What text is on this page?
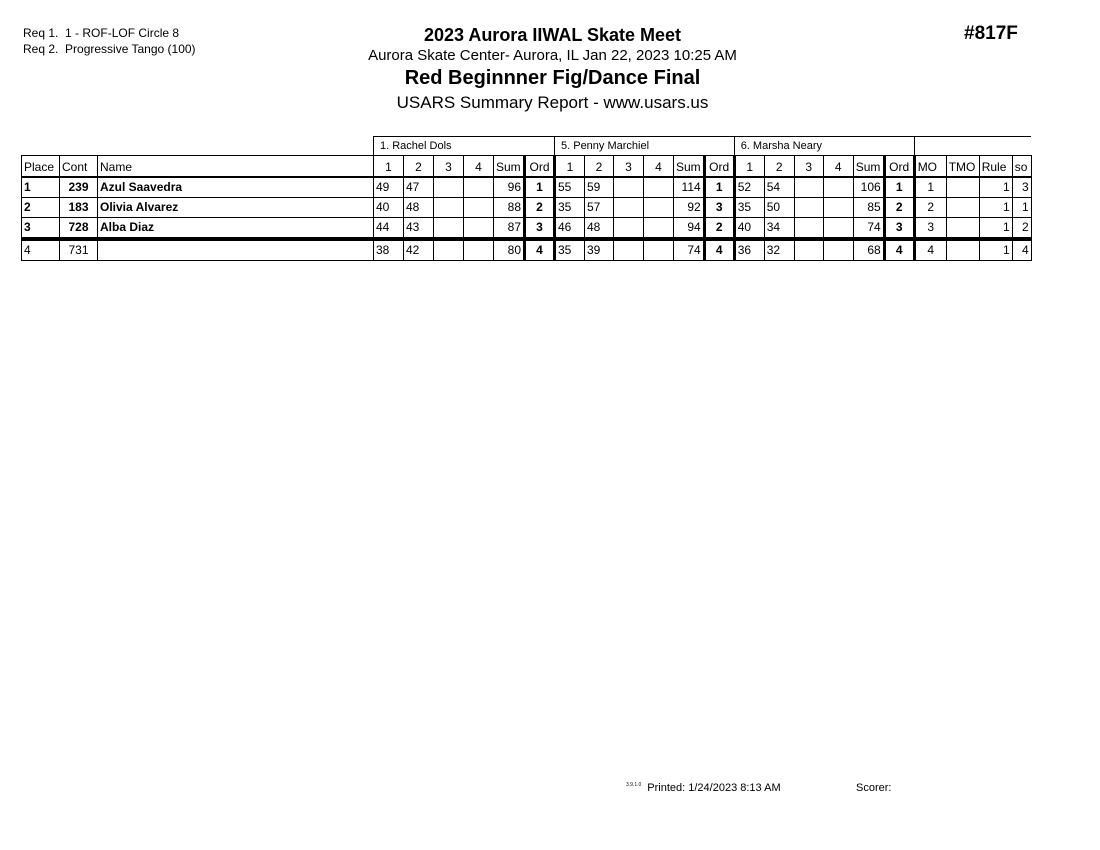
Req 1. 1 - ROF-LOF Circle 8
Req 2. Progressive Tango (100)
2023 Aurora IIWAL Skate Meet
Aurora Skate Center- Aurora, IL Jan 22, 2023 10:25 AM
Red Beginnner Fig/Dance Final
USARS Summary Report - www.usars.us
#817F
			1. Rachel Dols						5. Penny Marchiel						6. Marsha Neary									
Place	Cont	Name	1	2	3	4	Sum	Ord	1	2	3	4	Sum	Ord	1	2	3	4	Sum	Ord	MO	TMO	Rule	so
1	239	Azul Saavedra	49	47			96	1	55	59			114	1	52	54			106	1	1		1	3
2	183	Olivia Alvarez	40	48			88	2	35	57			92	3	35	50			85	2	2		1	1
3	728	Alba Diaz	44	43			87	3	46	48			94	2	40	34			74	3	3		1	2
4	731		38	42			80	4	35	39			74	4	36	32			68	4	4		1	4
$^{3.9.1.0}$ Printed: 1/24/2023 8:13 AM	Scorer:
